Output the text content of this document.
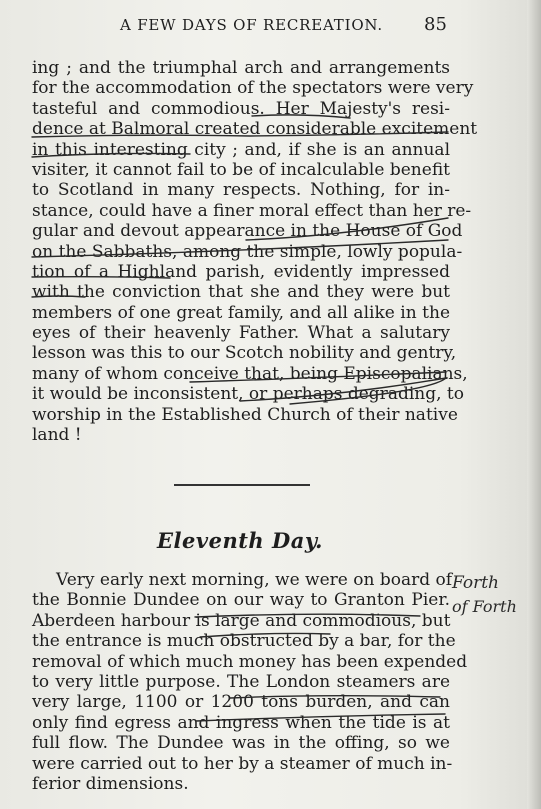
A FEW DAYS OF RECREATION.	85
ing ; and the triumphal arch and arrangements
for the accommodation of the spectators were very
tasteful and commodious. Her Majesty's resi-
dence at Balmoral created considerable excitement
in this interesting city ; and, if she is an annual
visiter, it cannot fail to be of incalculable benefit
to Scotland in many respects. Nothing, for in-
stance, could have a finer moral effect than her re-
gular and devout appearance in the House of God
on the Sabbaths, among the simple, lowly popula-
tion of a Highland parish, evidently impressed
with the conviction that she and they were but
members of one great family, and all alike in the
eyes of their heavenly Father. What a salutary
lesson was this to our Scotch nobility and gentry,
many of whom conceive that, being Episcopalians,
it would be inconsistent, or perhaps degrading, to
worship in the Established Church of their native
land !
Eleventh Day.
Very early next morning, we were on board of
the Bonnie Dundee on our way to Granton Pier.
Aberdeen harbour is large and commodious, but
the entrance is much obstructed by a bar, for the
removal of which much money has been expended
to very little purpose. The London steamers are
very large, 1100 or 1200 tons burden, and can
only find egress and ingress when the tide is at
full flow. The Dundee was in the offing, so we
were carried out to her by a steamer of much in-
ferior dimensions.
Forth
of Forth
